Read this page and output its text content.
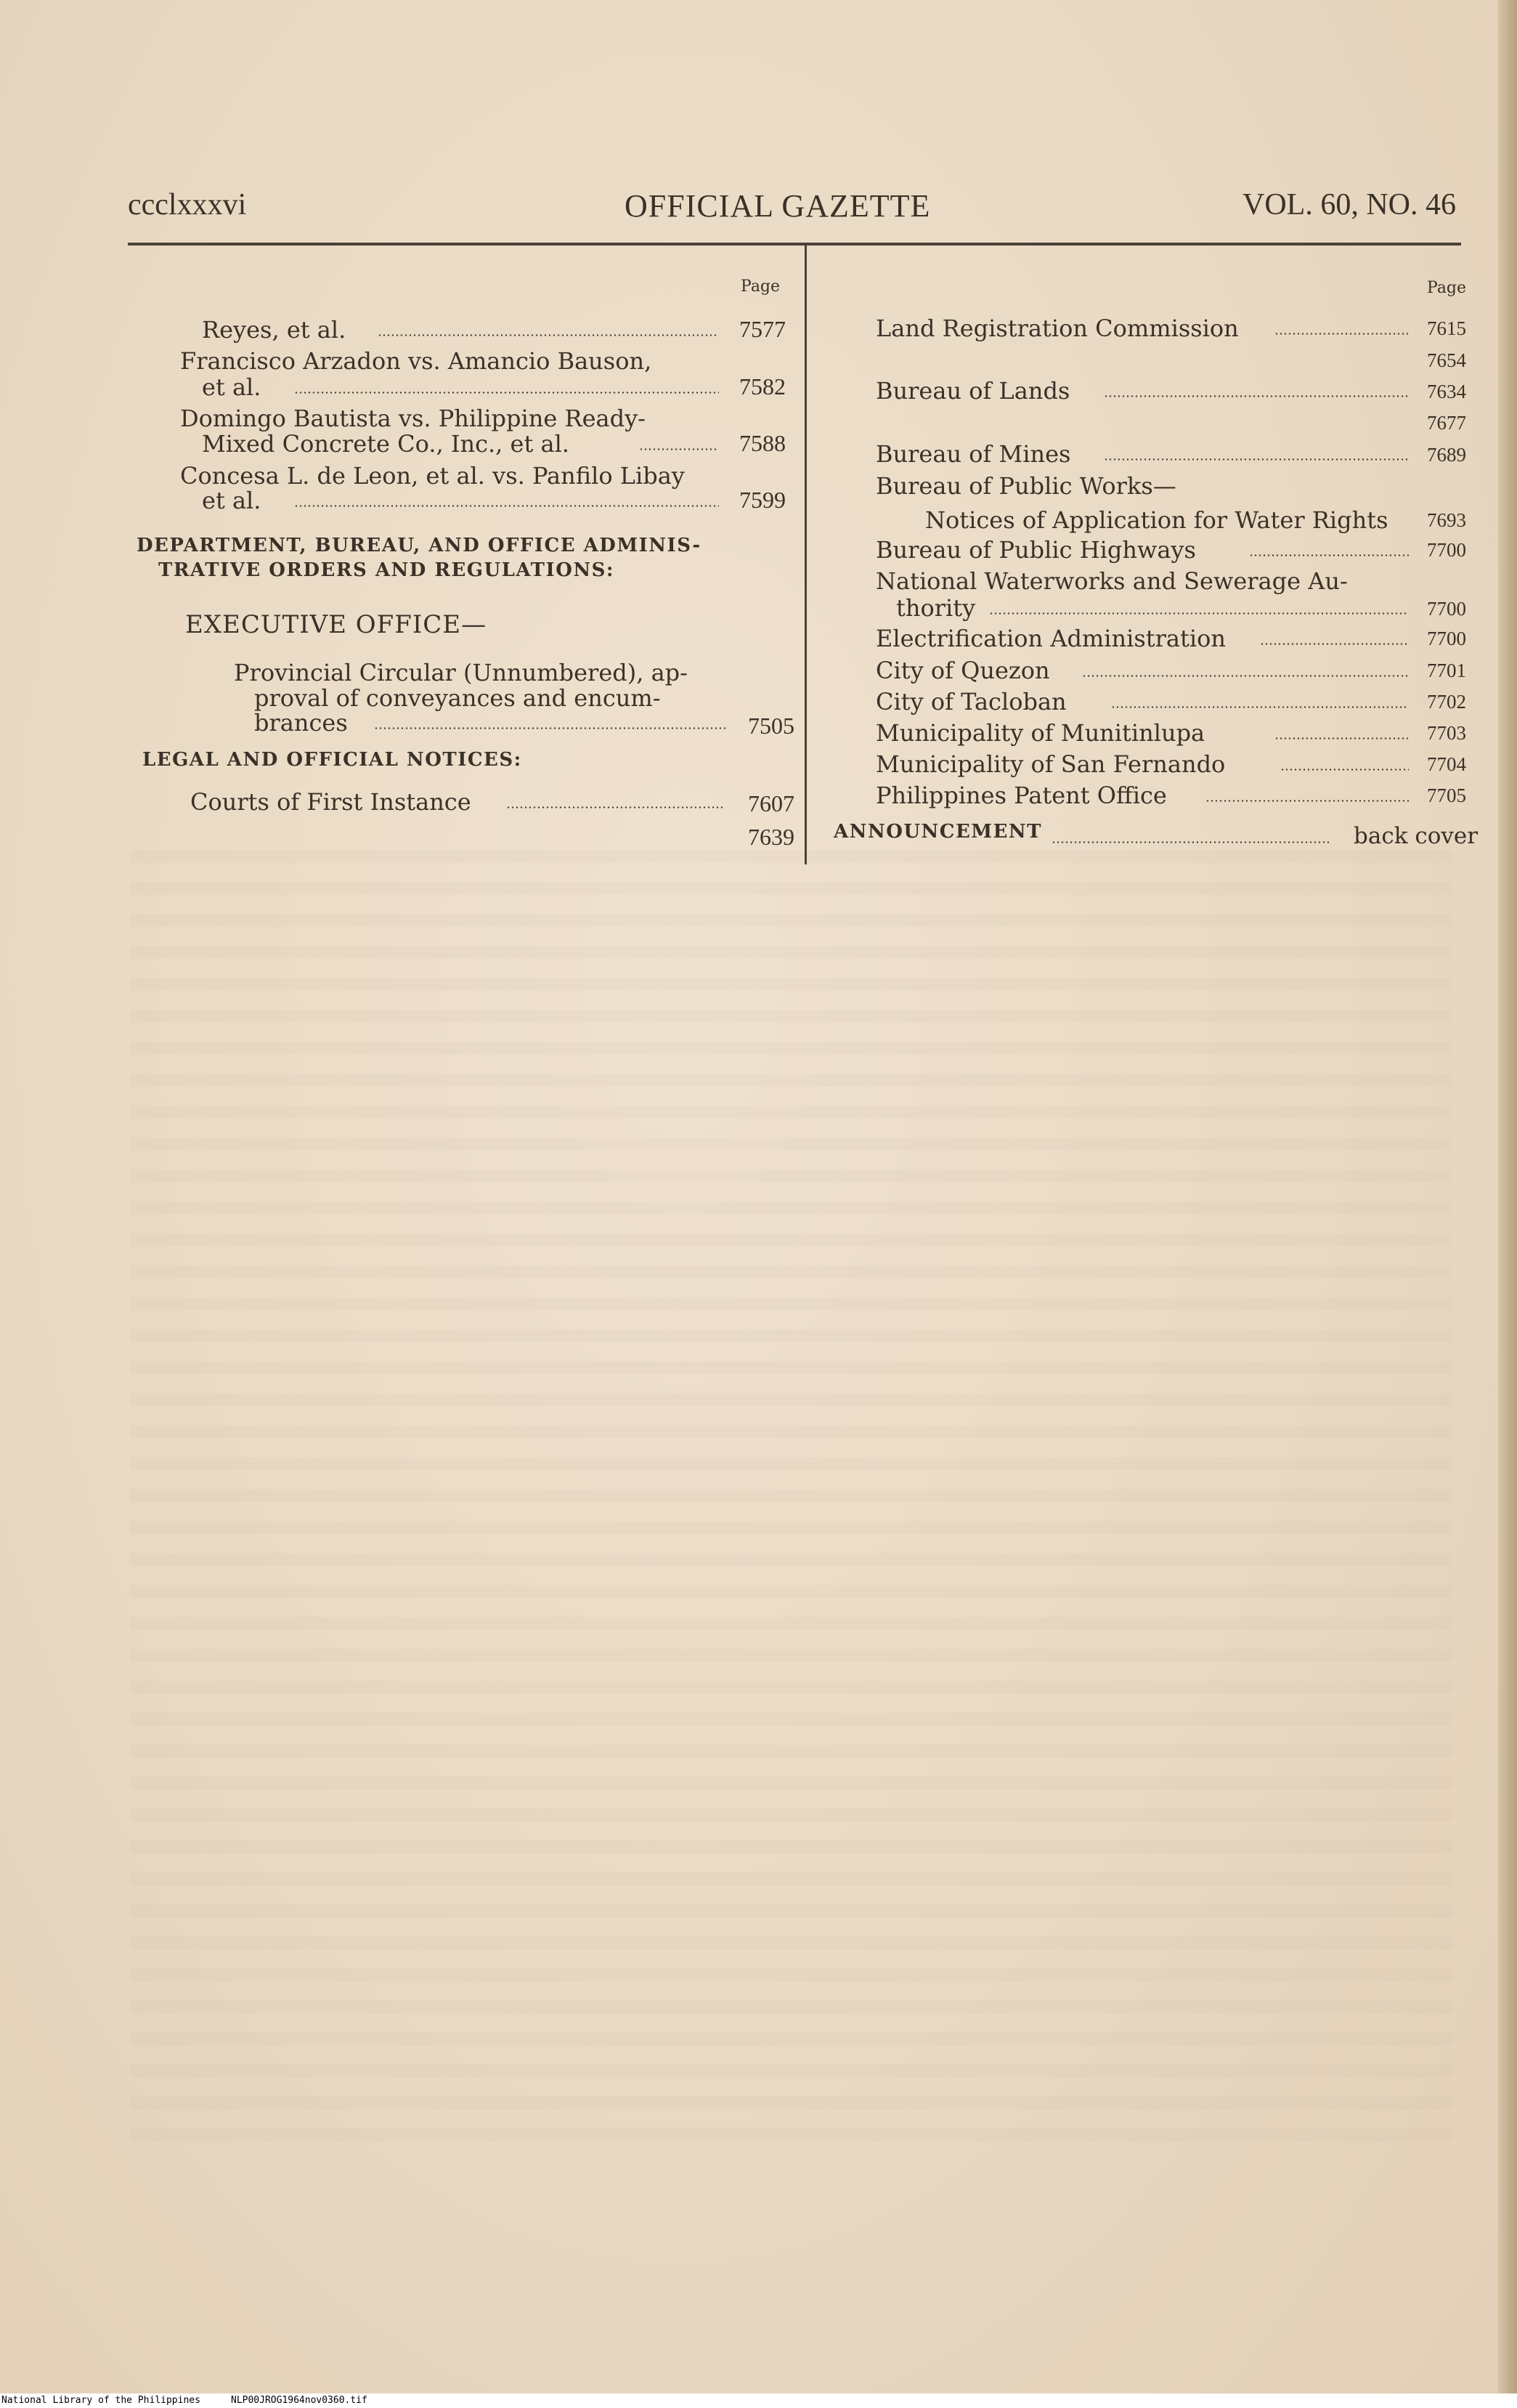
ccclxxxvi	OFFICIAL GAZETTE	VOL. 60, NO. 46
Page
Reyes, et al.	7577
Francisco Arzadon vs. Amancio Bauson,
et al.	7582
Domingo Bautista vs. Philippine Ready-
Mixed Concrete Co., Inc., et al.	7588
Concesa L. de Leon, et al. vs. Panfilo Libay
et al.	7599
DEPARTMENT, BUREAU, AND OFFICE ADMINIS-
TRATIVE ORDERS AND REGULATIONS:
EXECUTIVE OFFICE—
Provincial Circular (Unnumbered), ap-
proval of conveyances and encum-
brances	7505
LEGAL AND OFFICIAL NOTICES:
Courts of First Instance	7607
7639
Page
Land Registration Commission	7615
7654
Bureau of Lands	7634
7677
Bureau of Mines	7689
Bureau of Public Works—
Notices of Application for Water Rights 7693
Bureau of Public Highways	7700
National Waterworks and Sewerage Au-
thority	7700
Electrification Administration	7700
City of Quezon	7701
City of Tacloban	7702
Municipality of Munitinlupa	7703
Municipality of San Fernando	7704
Philippines Patent Office	7705
ANNOUNCEMENT	back cover
National Library of the Philippines	NLP00JROG1964nov0360.tif
